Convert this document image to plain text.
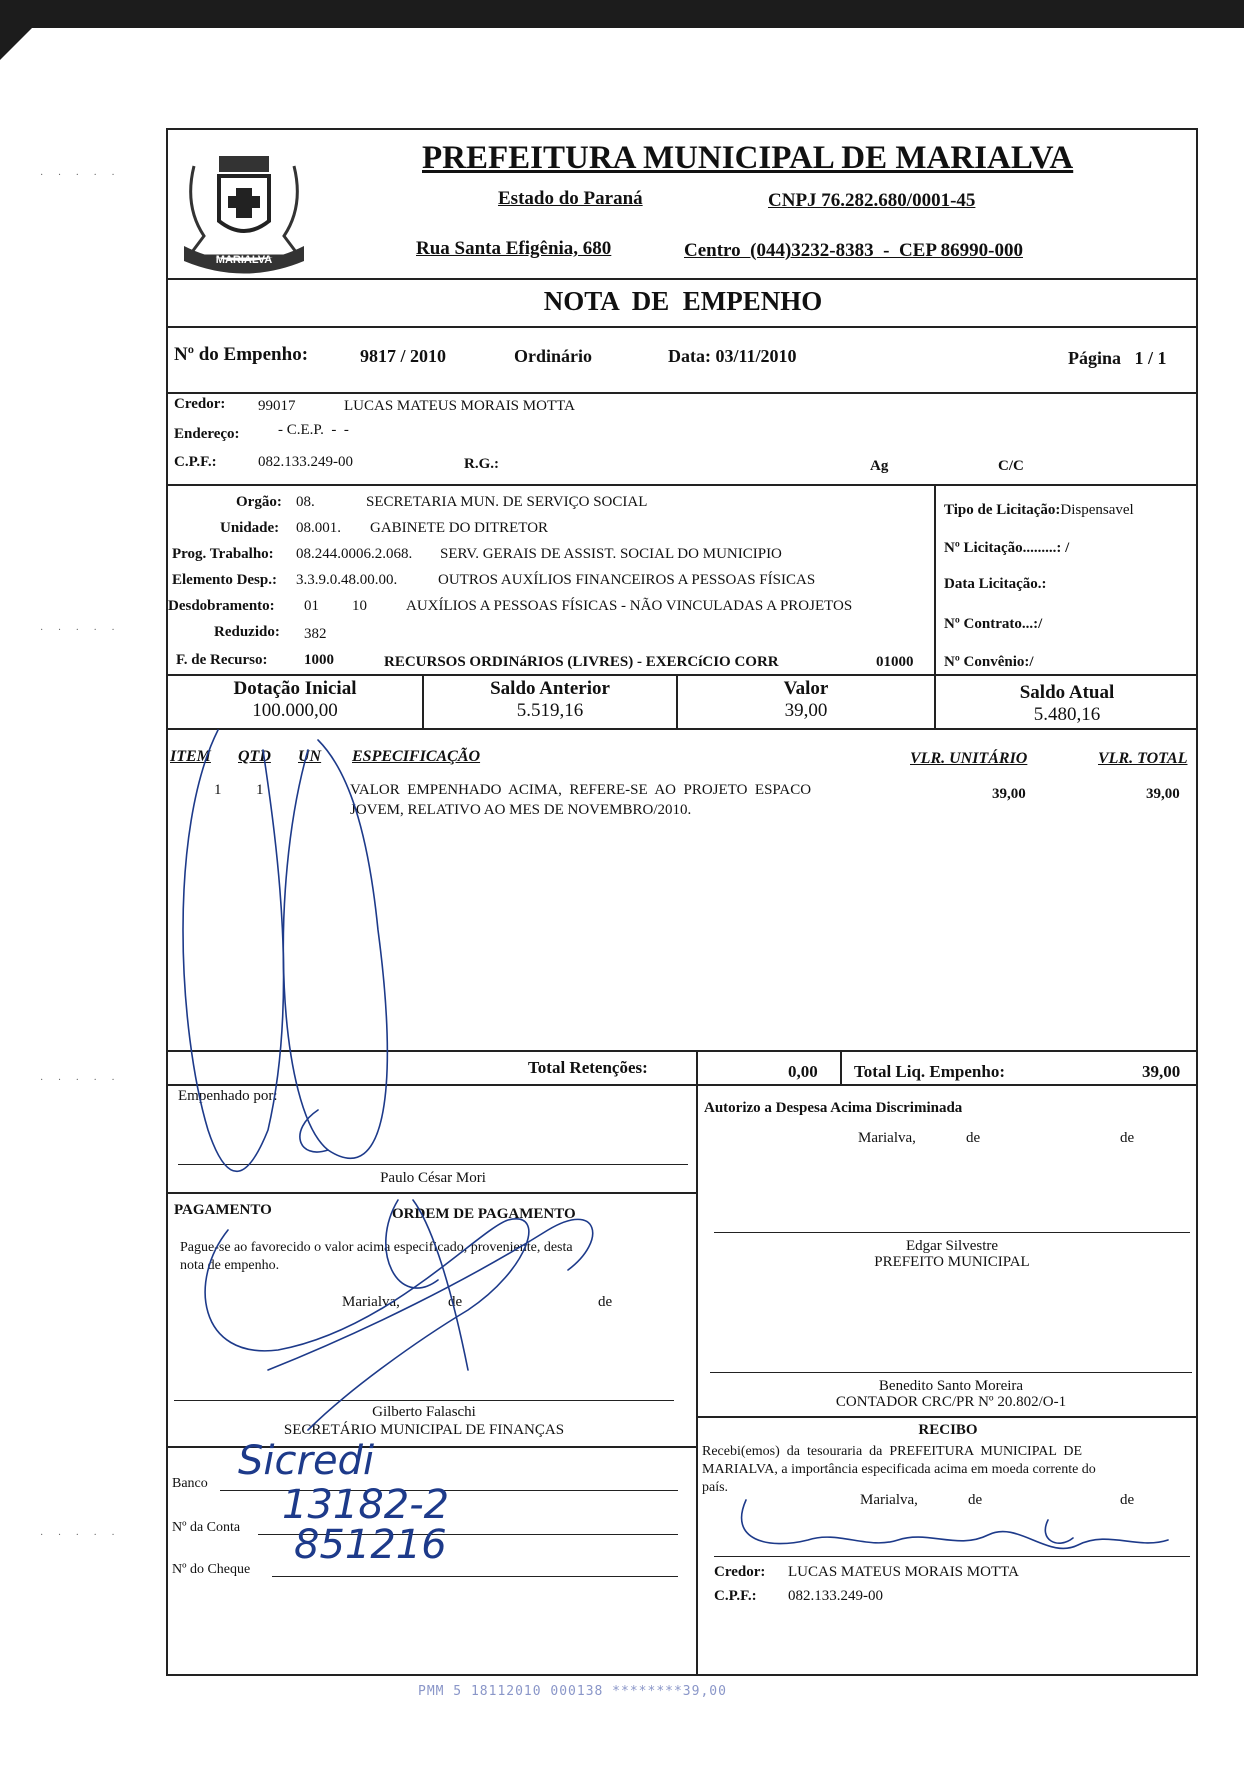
· · · · ·
· · · · ·
· · · · ·
· · · · ·
MARIALVA
PREFEITURA MUNICIPAL DE MARIALVA
Estado do Paraná	CNPJ 76.282.680/0001-45
Rua Santa Efigênia, 680	Centro  (044)3232-8383  -  CEP 86990-000
NOTA  DE  EMPENHO
Nº do Empenho:	9817 / 2010	Ordinário	Data: 03/11/2010	Página   1 / 1
Credor: 99017	LUCAS MATEUS MORAIS MOTTA
Endereço:	- C.E.P.  -  -
C.P.F.:	082.133.249-00	R.G.:	Ag	C/C
Orgão: 08.	SECRETARIA MUN. DE SERVIÇO SOCIAL
Unidade: 08.001. GABINETE DO DITRETOR
Prog. Trabalho: 08.244.0006.2.068. SERV. GERAIS DE ASSIST. SOCIAL DO MUNICIPIO
Elemento Desp.: 3.3.9.0.48.00.00.	OUTROS AUXÍLIOS FINANCEIROS A PESSOAS FÍSICAS
Desdobramento: 01 10	AUXÍLIOS A PESSOAS FÍSICAS - NÃO VINCULADAS A PROJETOS
Reduzido: 382
F. de Recurso: 1000	RECURSOS ORDINáRIOS (LIVRES) - EXERCíCIO CORR	01000
Tipo de Licitação:Dispensavel
Nº Licitação.........: /
Data Licitação.:
Nº Contrato...:/
Nº Convênio:/
Dotação Inicial
100.000,00
Saldo Anterior
5.519,16
Valor
39,00
Saldo Atual
5.480,16
ITEM QTD UN ESPECIFICAÇÃO	VLR. UNITÁRIO	VLR. TOTAL
1 1	VALOR  EMPENHADO  ACIMA,  REFERE-SE  AO  PROJETO  ESPACO
JOVEM, RELATIVO AO MES DE NOVEMBRO/2010.
39,00	39,00
Total Retenções:	0,00 Total Liq. Empenho:	39,00
Empenhado por:
Paulo César Mori
Autorizo a Despesa Acima Discriminada
Marialva,	de	de
Edgar Silvestre
PREFEITO MUNICIPAL
PAGAMENTO	ORDEM DE PAGAMENTO
Pague-se ao favorecido o valor acima especificado, proveniente, desta
nota de empenho.
Marialva,	de	de
Gilberto Falaschi
SECRETÁRIO MUNICIPAL DE FINANÇAS
Benedito Santo Moreira
CONTADOR CRC/PR Nº 20.802/O-1
Banco Sicredi
Nº da Conta 13182-2
Nº do Cheque
851216
RECIBO
Recebi(emos)  da  tesouraria  da  PREFEITURA  MUNICIPAL  DE
MARIALVA, a importância especificada acima em moeda corrente do
país.
Marialva,	de	de
Credor: LUCAS MATEUS MORAIS MOTTA
C.P.F.: 082.133.249-00
PMM 5 18112010 000138 ********39,00
